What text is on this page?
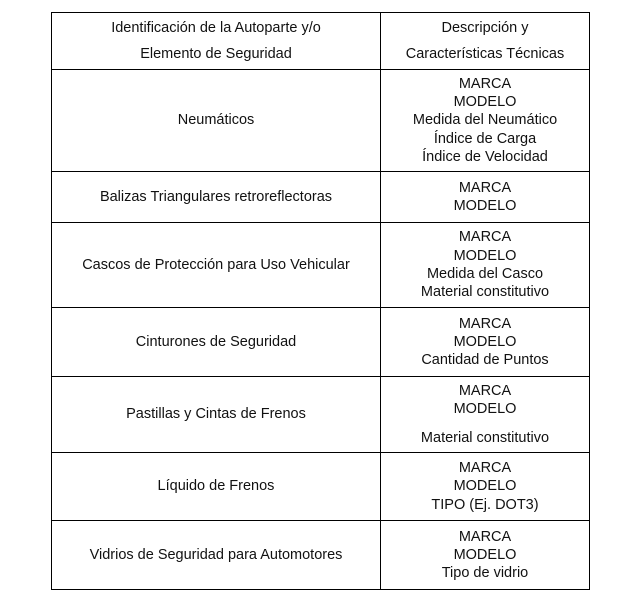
Identificación de la Autoparte y/o
Elemento de Seguridad	Descripción y
Características Técnicas

Neumáticos	MARCA
MODELO
Medida del Neumático
Índice de Carga
Índice de Velocidad

Balizas Triangulares retroreflectoras	MARCA
MODELO

Cascos de Protección para Uso Vehicular	MARCA
MODELO
Medida del Casco
Material constitutivo

Cinturones de Seguridad	MARCA
MODELO
Cantidad de Puntos

Pastillas y Cintas de Frenos	MARCA
MODELO
Material constitutivo

Líquido de Frenos	MARCA
MODELO
TIPO (Ej. DOT3)

Vidrios de Seguridad para Automotores	MARCA
MODELO
Tipo de vidrio
